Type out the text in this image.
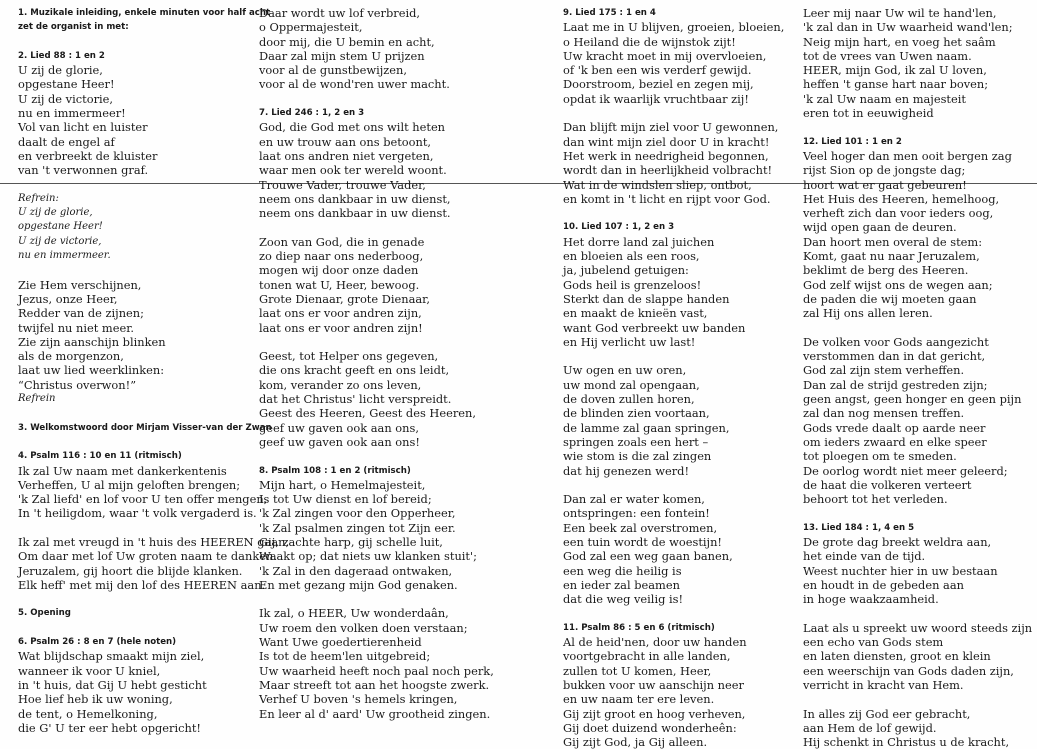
1. Muzikale inleiding, enkele minuten voor half acht
zet de organist in met:
2. Lied 88 : 1 en 2
U zij de glorie,
opgestane Heer!
U zij de victorie,
nu en immermeer!
Vol van licht en luister
daalt de engel af
en verbreekt de kluister
van 't verwonnen graf.
Refrein:
U zij de glorie,
opgestane Heer!
U zij de victorie,
nu en immermeer.
Zie Hem verschijnen,
Jezus, onze Heer,
Redder van de zijnen;
twijfel nu niet meer.
Zie zijn aanschijn blinken
als de morgenzon,
laat uw lied weerklinken:
“Christus overwon!”
Refrein
3. Welkomstwoord door Mirjam Visser-van der Zwan
4. Psalm 116 : 10 en 11 (ritmisch)
Ik zal Uw naam met dankerkentenis
Verheffen, U al mijn geloften brengen;
'k Zal liefd' en lof voor U ten offer mengen,
In 't heiligdom, waar 't volk vergaderd is.
Ik zal met vreugd in 't huis des HEEREN gaan,
Om daar met lof Uw groten naam te danken.
Jeruzalem, gij hoort die blijde klanken.
Elk heff' met mij den lof des HEEREN aan.
5. Opening
6. Psalm 26 : 8 en 7 (hele noten)
Wat blijdschap smaakt mijn ziel,
wanneer ik voor U kniel,
in 't huis, dat Gij U hebt gesticht
Hoe lief heb ik uw woning,
de tent, o Hemelkoning,
die G' U ter eer hebt opgericht!
Daar wordt uw lof verbreid,
o Oppermajesteit,
door mij, die U bemin en acht,
Daar zal mijn stem U prijzen
voor al de gunstbewijzen,
voor al de wond'ren uwer macht.
7. Lied 246 : 1, 2 en 3
God, die God met ons wilt heten
en uw trouw aan ons betoont,
laat ons andren niet vergeten,
waar men ook ter wereld woont.
Trouwe Vader, trouwe Vader,
neem ons dankbaar in uw dienst,
neem ons dankbaar in uw dienst.
Zoon van God, die in genade
zo diep naar ons nederboog,
mogen wij door onze daden
tonen wat U, Heer, bewoog.
Grote Dienaar, grote Dienaar,
laat ons er voor andren zijn,
laat ons er voor andren zijn!
Geest, tot Helper ons gegeven,
die ons kracht geeft en ons leidt,
kom, verander zo ons leven,
dat het Christus' licht verspreidt.
Geest des Heeren, Geest des Heeren,
geef uw gaven ook aan ons,
geef uw gaven ook aan ons!
8. Psalm 108 : 1 en 2 (ritmisch)
Mijn hart, o Hemelmajesteit,
Is tot Uw dienst en lof bereid;
'k Zal zingen voor den Opperheer,
'k Zal psalmen zingen tot Zijn eer.
Gij, zachte harp, gij schelle luit,
Waakt op; dat niets uw klanken stuit';
'k Zal in den dageraad ontwaken,
En met gezang mijn God genaken.
Ik zal, o HEER, Uw wonderdaân,
Uw roem den volken doen verstaan;
Want Uwe goedertierenheid
Is tot de heem'len uitgebreid;
Uw waarheid heeft noch paal noch perk,
Maar streeft tot aan het hoogste zwerk.
Verhef U boven 's hemels kringen,
En leer al d' aard' Uw grootheid zingen.
9. Lied 175 : 1 en 4
Laat me in U blijven, groeien, bloeien,
o Heiland die de wijnstok zijt!
Uw kracht moet in mij overvloeien,
of 'k ben een wis verderf gewijd.
Doorstroom, beziel en zegen mij,
opdat ik waarlijk vruchtbaar zij!
Dan blijft mijn ziel voor U gewonnen,
dan wint mijn ziel door U in kracht!
Het werk in needrigheid begonnen,
wordt dan in heerlijkheid volbracht!
Wat in de windslen sliep, ontbot,
en komt in 't licht en rijpt voor God.
10. Lied 107 : 1, 2 en 3
Het dorre land zal juichen
en bloeien als een roos,
ja, jubelend getuigen:
Gods heil is grenzeloos!
Sterkt dan de slappe handen
en maakt de knieën vast,
want God verbreekt uw banden
en Hij verlicht uw last!
Uw ogen en uw oren,
uw mond zal opengaan,
de doven zullen horen,
de blinden zien voortaan,
de lamme zal gaan springen,
springen zoals een hert –
wie stom is die zal zingen
dat hij genezen werd!
Dan zal er water komen,
ontspringen: een fontein!
Een beek zal overstromen,
een tuin wordt de woestijn!
God zal een weg gaan banen,
een weg die heilig is
en ieder zal beamen
dat die weg veilig is!
11. Psalm 86 : 5 en 6 (ritmisch)
Al de heid'nen, door uw handen
voortgebracht in alle landen,
zullen tot U komen, Heer,
bukken voor uw aanschijn neer
en uw naam ter ere leven.
Gij zijt groot en hoog verheven,
Gij doet duizend wonderheên:
Gij zijt God, ja Gij alleen.
Leer mij naar Uw wil te hand'len,
'k zal dan in Uw waarheid wand'len;
Neig mijn hart, en voeg het saâm
tot de vrees van Uwen naam.
HEER, mijn God, ik zal U loven,
heffen 't ganse hart naar boven;
'k zal Uw naam en majesteit
eren tot in eeuwigheid
12. Lied 101 : 1 en 2
Veel hoger dan men ooit bergen zag
rijst Sion op de jongste dag;
hoort wat er gaat gebeuren!
Het Huis des Heeren, hemelhoog,
verheft zich dan voor ieders oog,
wijd open gaan de deuren.
Dan hoort men overal de stem:
Komt, gaat nu naar Jeruzalem,
beklimt de berg des Heeren.
God zelf wijst ons de wegen aan;
de paden die wij moeten gaan
zal Hij ons allen leren.
De volken voor Gods aangezicht
verstommen dan in dat gericht,
God zal zijn stem verheffen.
Dan zal de strijd gestreden zijn;
geen angst, geen honger en geen pijn
zal dan nog mensen treffen.
Gods vrede daalt op aarde neer
om ieders zwaard en elke speer
tot ploegen om te smeden.
De oorlog wordt niet meer geleerd;
de haat die volkeren verteert
behoort tot het verleden.
13. Lied 184 : 1, 4 en 5
De grote dag breekt weldra aan,
het einde van de tijd.
Weest nuchter hier in uw bestaan
en houdt in de gebeden aan
in hoge waakzaamheid.
Laat als u spreekt uw woord steeds zijn
een echo van Gods stem
en laten diensten, groot en klein
een weerschijn van Gods daden zijn,
verricht in kracht van Hem.
In alles zij God eer gebracht,
aan Hem de lof gewijd.
Hij schenkt in Christus u de kracht,
